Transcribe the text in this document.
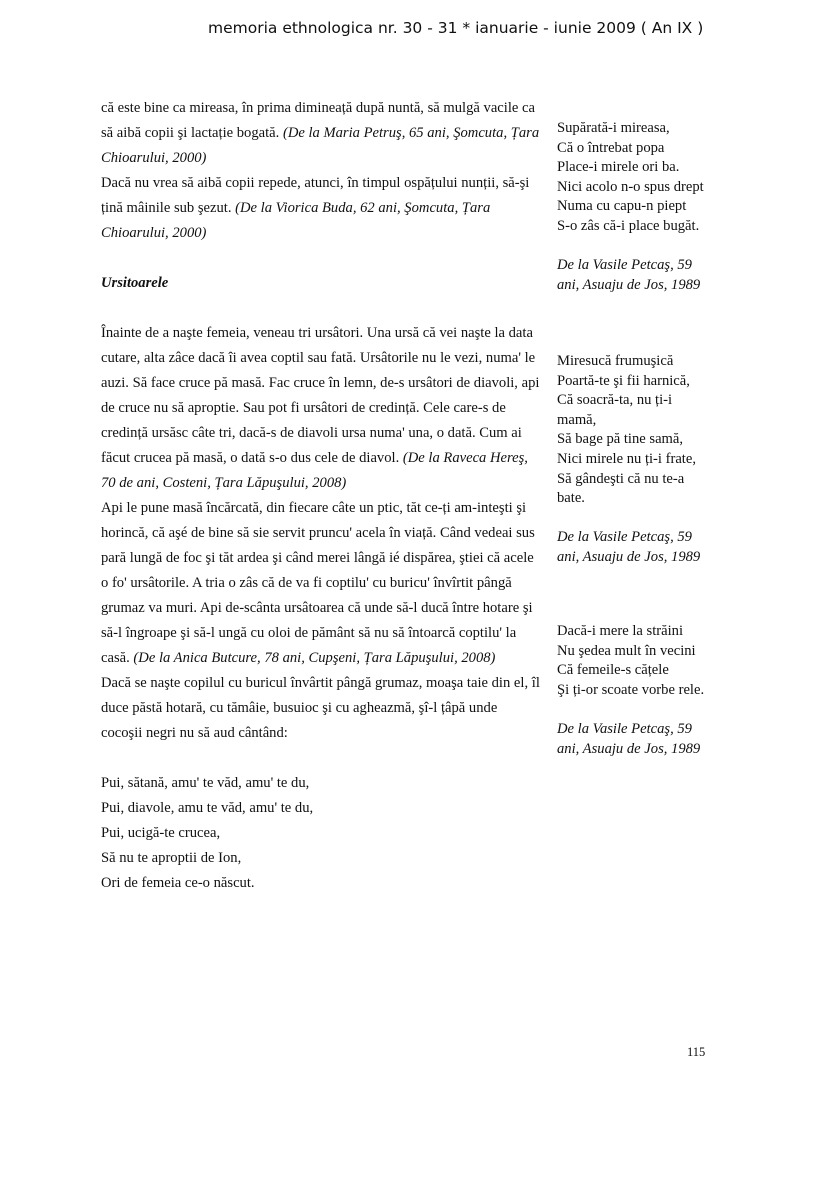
memoria ethnologica nr. 30 - 31 * ianuarie - iunie 2009 ( An IX )

că este bine ca mireasa, în prima dimineață după nuntă, să mulgă vacile ca să aibă copii şi lactație bogată. (De la Maria Petruş, 65 ani, Şomcuta, Țara Chioarului, 2000)

Dacă nu vrea să aibă copii repede, atunci, în timpul ospățului nunții, să-şi țină mâinile sub şezut. (De la Viorica Buda, 62 ani, Şomcuta, Țara Chioarului, 2000)

Ursitoarele

Înainte de a naşte femeia, veneau tri ursâtori. Una ursă că vei naşte la data cutare, alta zâce dacă îi avea coptil sau fată. Ursâtorile nu le vezi, numa' le auzi. Să face cruce pă masă. Fac cruce în lemn, de-s ursâtori de diavoli, api de cruce nu să aproptie. Sau pot fi ursâtori de credință. Cele care-s de credință ursăsc câte tri, dacă-s de diavoli ursa numa' una, o dată. Cum ai făcut crucea pă masă, o dată s-o dus cele de diavol. (De la Raveca Hereş, 70 de ani, Costeni, Țara Lăpuşului, 2008)

Api le pune masă încărcată, din fiecare câte un ptic, tăt ce-ți am-inteşti şi horincă, că aşé de bine să sie servit pruncu' acela în viață. Când vedeai sus pară lungă de foc şi tăt ardea şi când merei lângă ié dispărea, ştiei că acele o fo' ursâtorile. A tria o zâs că de va fi coptilu' cu buricu' învîrtit pângă grumaz va muri. Api de-scânta ursâtoarea că unde să-l ducă între hotare şi să-l îngroape şi să-l ungă cu oloi de pământ să nu să întoarcă coptilu' la casă. (De la Anica Butcure, 78 ani, Cupşeni, Țara Lăpuşului, 2008)

Dacă se naşte copilul cu buricul învârtit pângă grumaz, moaşa taie din el, îl duce păstă hotară, cu tămâie, busuioc şi cu agheazmă, şî-l țâpă unde cocoşii negri nu să aud cântând:

Pui, sătană, amu' te văd, amu' te du,

Pui, diavole, amu te văd, amu' te du,

Pui, ucigă-te crucea,

Să nu te aproptii de Ion,

Ori de femeia ce-o născut.

Supărată-i mireasa,

Că o întrebat popa

Place-i mirele ori ba.

Nici acolo n-o spus drept

Numa cu capu-n piept

S-o zâs că-i place bugăt.

De la Vasile Petcaş, 59

ani, Asuaju de Jos, 1989

Miresucă frumuşică

Poartă-te şi fii harnică,

Că soacră-ta, nu ți-i

mamă,

Să bage pă tine samă,

Nici mirele nu ți-i frate,

Să gândeşti că nu te-a

bate.

De la Vasile Petcaş, 59

ani, Asuaju de Jos, 1989

Dacă-i mere la străini

Nu şedea mult în vecini

Că femeile-s cățele

Şi ți-or scoate vorbe rele.

De la Vasile Petcaş, 59

ani, Asuaju de Jos, 1989

115
